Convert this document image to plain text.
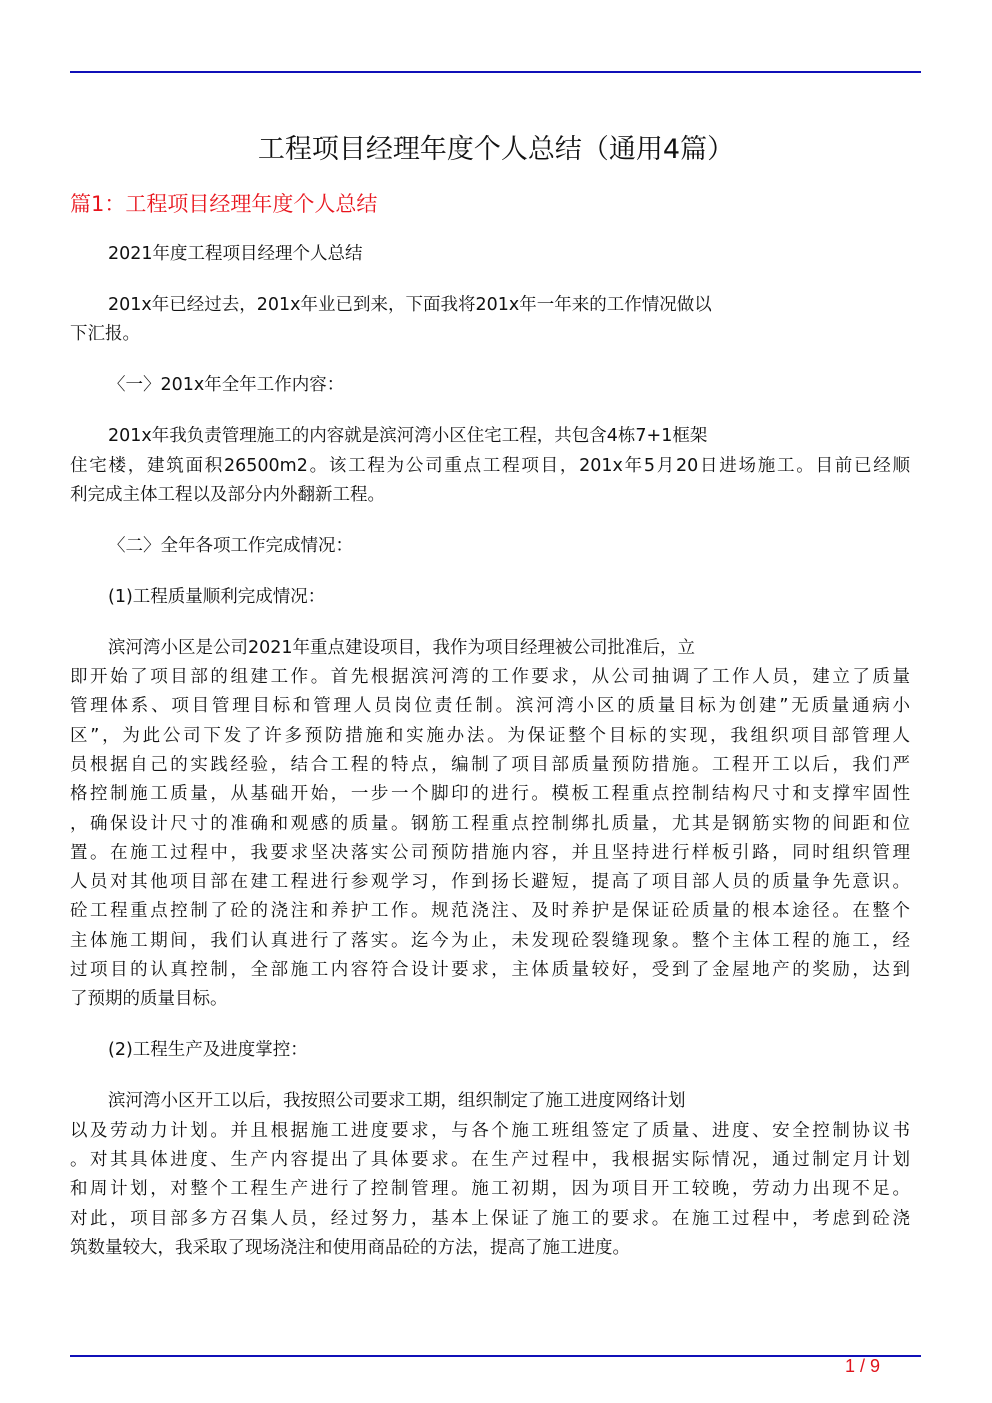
工程项目经理年度个人总结（通用4篇）
篇1：工程项目经理年度个人总结
2021年度工程项目经理个人总结
201x年已经过去，201x年业已到来，下面我将201x年一年来的工作情况做以
下汇报。
〈一〉201x年全年工作内容：
201x年我负责管理施工的内容就是滨河湾小区住宅工程，共包含4栋7+1框架
住宅楼，建筑面积26500m2。该工程为公司重点工程项目，201x年5月20日进场施工。目前已经顺
利完成主体工程以及部分内外翻新工程。
〈二〉全年各项工作完成情况：
(1)工程质量顺利完成情况：
滨河湾小区是公司2021年重点建设项目，我作为项目经理被公司批准后，立
即开始了项目部的组建工作。首先根据滨河湾的工作要求，从公司抽调了工作人员，建立了质量
管理体系、项目管理目标和管理人员岗位责任制。滨河湾小区的质量目标为创建”无质量通病小
区”，为此公司下发了许多预防措施和实施办法。为保证整个目标的实现，我组织项目部管理人
员根据自己的实践经验，结合工程的特点，编制了项目部质量预防措施。工程开工以后，我们严
格控制施工质量，从基础开始，一步一个脚印的进行。模板工程重点控制结构尺寸和支撑牢固性
，确保设计尺寸的准确和观感的质量。钢筋工程重点控制绑扎质量，尤其是钢筋实物的间距和位
置。在施工过程中，我要求坚决落实公司预防措施内容，并且坚持进行样板引路，同时组织管理
人员对其他项目部在建工程进行参观学习，作到扬长避短，提高了项目部人员的质量争先意识。
砼工程重点控制了砼的浇注和养护工作。规范浇注、及时养护是保证砼质量的根本途径。在整个
主体施工期间，我们认真进行了落实。迄今为止，未发现砼裂缝现象。整个主体工程的施工，经
过项目的认真控制，全部施工内容符合设计要求，主体质量较好，受到了金屋地产的奖励，达到
了预期的质量目标。
(2)工程生产及进度掌控：
滨河湾小区开工以后，我按照公司要求工期，组织制定了施工进度网络计划
以及劳动力计划。并且根据施工进度要求，与各个施工班组签定了质量、进度、安全控制协议书
。对其具体进度、生产内容提出了具体要求。在生产过程中，我根据实际情况，通过制定月计划
和周计划，对整个工程生产进行了控制管理。施工初期，因为项目开工较晚，劳动力出现不足。
对此，项目部多方召集人员，经过努力，基本上保证了施工的要求。在施工过程中，考虑到砼浇
筑数量较大，我采取了现场浇注和使用商品砼的方法，提高了施工进度。
1 / 9
